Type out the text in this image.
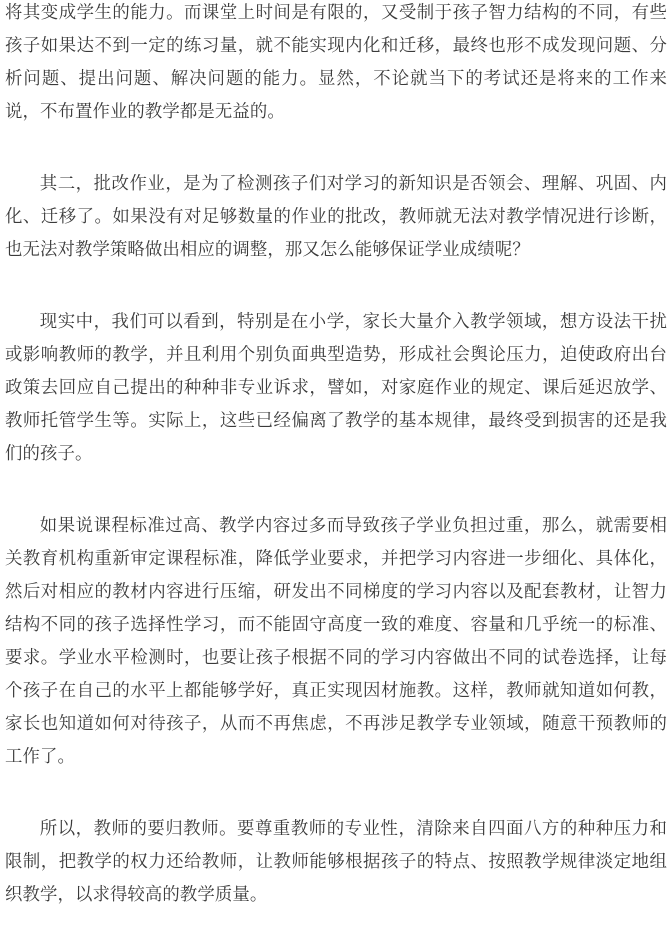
将其变成学生的能力。而课堂上时间是有限的，又受制于孩子智力结构的不同，有些孩子如果达不到一定的练习量，就不能实现内化和迁移，最终也形不成发现问题、分析问题、提出问题、解决问题的能力。显然，不论就当下的考试还是将来的工作来说，不布置作业的教学都是无益的。

其二，批改作业，是为了检测孩子们对学习的新知识是否领会、理解、巩固、内化、迁移了。如果没有对足够数量的作业的批改，教师就无法对教学情况进行诊断，也无法对教学策略做出相应的调整，那又怎么能够保证学业成绩呢？

现实中，我们可以看到，特别是在小学，家长大量介入教学领域，想方设法干扰或影响教师的教学，并且利用个别负面典型造势，形成社会舆论压力，迫使政府出台政策去回应自己提出的种种非专业诉求，譬如，对家庭作业的规定、课后延迟放学、教师托管学生等。实际上，这些已经偏离了教学的基本规律，最终受到损害的还是我们的孩子。

如果说课程标准过高、教学内容过多而导致孩子学业负担过重，那么，就需要相关教育机构重新审定课程标准，降低学业要求，并把学习内容进一步细化、具体化，然后对相应的教材内容进行压缩，研发出不同梯度的学习内容以及配套教材，让智力结构不同的孩子选择性学习，而不能固守高度一致的难度、容量和几乎统一的标准、要求。学业水平检测时，也要让孩子根据不同的学习内容做出不同的试卷选择，让每个孩子在自己的水平上都能够学好，真正实现因材施教。这样，教师就知道如何教，家长也知道如何对待孩子，从而不再焦虑，不再涉足教学专业领域，随意干预教师的工作了。

所以，教师的要归教师。要尊重教师的专业性，清除来自四面八方的种种压力和限制，把教学的权力还给教师，让教师能够根据孩子的特点、按照教学规律淡定地组织教学，以求得较高的教学质量。
